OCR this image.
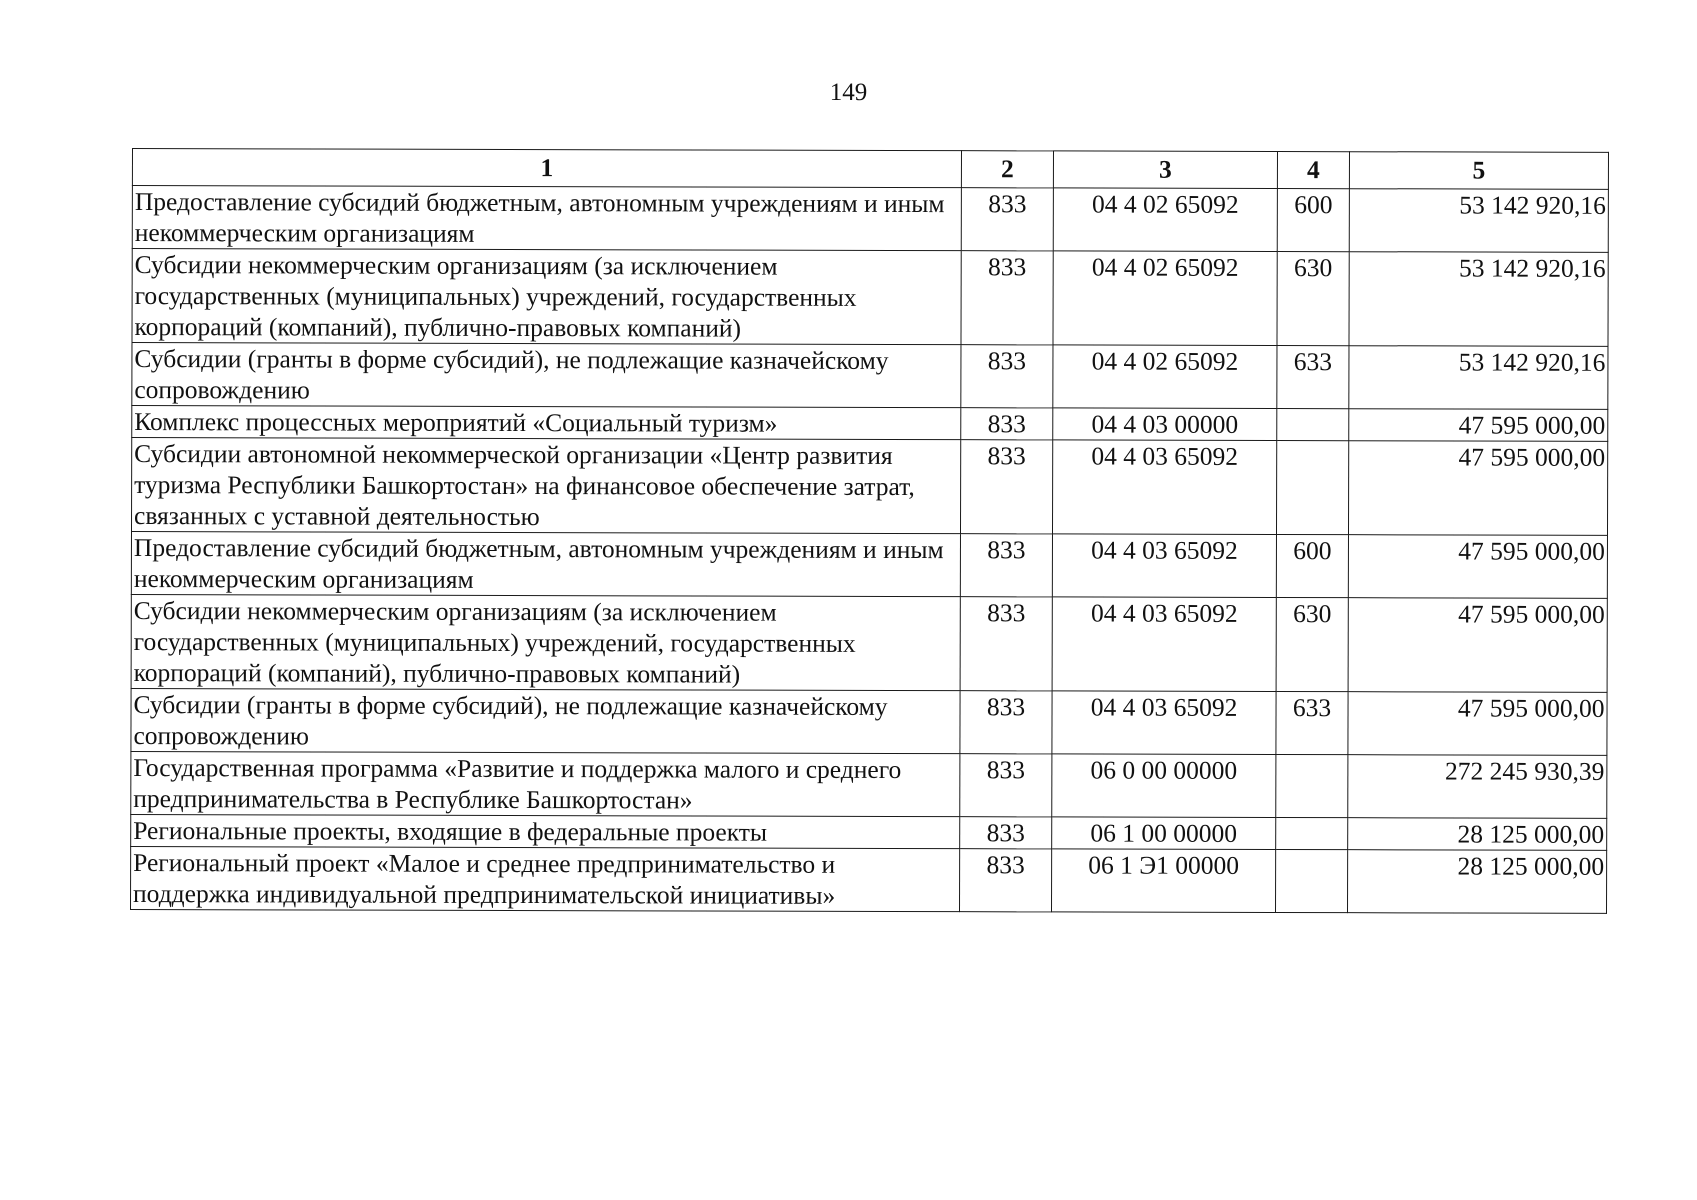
149
1	2	3	4	5
Предоставление субсидий бюджетным, автономным учреждениям и иным некоммерческим организациям	833	04 4 02 65092	600	53 142 920,16
Субсидии некоммерческим организациям (за исключением государственных (муниципальных) учреждений, государственных корпораций (компаний), публично-правовых компаний)	833	04 4 02 65092	630	53 142 920,16
Субсидии (гранты в форме субсидий), не подлежащие казначейскому сопровождению	833	04 4 02 65092	633	53 142 920,16
Комплекс процессных мероприятий «Социальный туризм»	833	04 4 03 00000		47 595 000,00
Субсидии автономной некоммерческой организации «Центр развития туризма Республики Башкортостан» на финансовое обеспечение затрат, связанных с уставной деятельностью	833	04 4 03 65092		47 595 000,00
Предоставление субсидий бюджетным, автономным учреждениям и иным некоммерческим организациям	833	04 4 03 65092	600	47 595 000,00
Субсидии некоммерческим организациям (за исключением государственных (муниципальных) учреждений, государственных корпораций (компаний), публично-правовых компаний)	833	04 4 03 65092	630	47 595 000,00
Субсидии (гранты в форме субсидий), не подлежащие казначейскому сопровождению	833	04 4 03 65092	633	47 595 000,00
Государственная программа «Развитие и поддержка малого и среднего предпринимательства в Республике Башкортостан»	833	06 0 00 00000		272 245 930,39
Региональные проекты, входящие в федеральные проекты	833	06 1 00 00000		28 125 000,00
Региональный проект «Малое и среднее предпринимательство и поддержка индивидуальной предпринимательской инициативы»	833	06 1 Э1 00000		28 125 000,00
